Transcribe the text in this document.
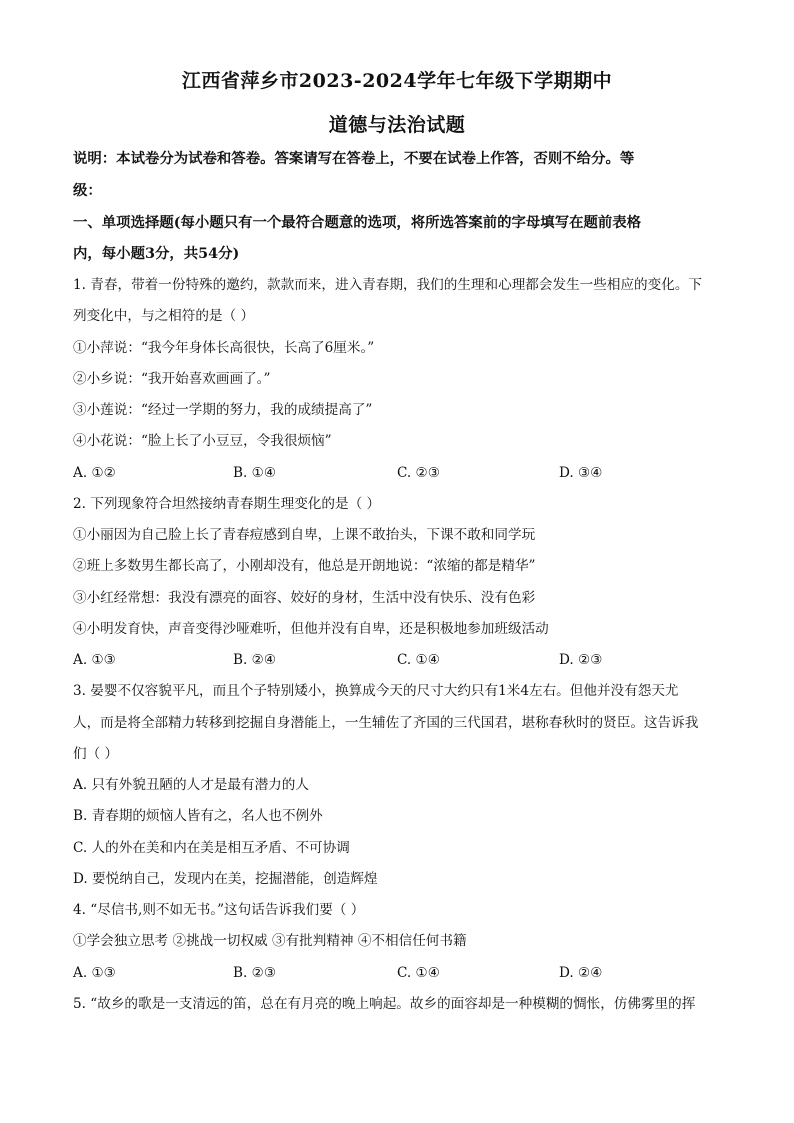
江西省萍乡市2023-2024学年七年级下学期期中
道德与法治试题
说明：本试卷分为试卷和答卷。答案请写在答卷上，不要在试卷上作答，否则不给分。等
级：
一、单项选择题(每小题只有一个最符合题意的选项，将所选答案前的字母填写在题前表格
内，每小题3分，共54分)
1. 青春，带着一份特殊的邀约，款款而来，进入青春期，我们的生理和心理都会发生一些相应的变化。下
列变化中，与之相符的是（ ）
①小萍说：“我今年身体长高很快，长高了6厘米。”
②小乡说：“我开始喜欢画画了。”
③小莲说：“经过一学期的努力，我的成绩提高了”
④小花说：“脸上长了小豆豆，令我很烦恼”
A. ①②	B. ①④	C. ②③	D. ③④
2. 下列现象符合坦然接纳青春期生理变化的是（ ）
①小丽因为自己脸上长了青春痘感到自卑，上课不敢抬头，下课不敢和同学玩
②班上多数男生都长高了，小刚却没有，他总是开朗地说：“浓缩的都是精华”
③小红经常想：我没有漂亮的面容、姣好的身材，生活中没有快乐、没有色彩
④小明发育快，声音变得沙哑难听，但他并没有自卑，还是积极地参加班级活动
A. ①③	B. ②④	C. ①④	D. ②③
3. 晏婴不仅容貌平凡，而且个子特别矮小，换算成今天的尺寸大约只有1米4左右。但他并没有怨天尤
人，而是将全部精力转移到挖掘自身潜能上，一生辅佐了齐国的三代国君，堪称春秋时的贤臣。这告诉我
们（ ）
A. 只有外貌丑陋的人才是最有潜力的人
B. 青春期的烦恼人皆有之，名人也不例外
C. 人的外在美和内在美是相互矛盾、不可协调
D. 要悦纳自己，发现内在美，挖掘潜能，创造辉煌
4. “尽信书,则不如无书。”这句话告诉我们要（ ）
①学会独立思考 ②挑战一切权威 ③有批判精神 ④不相信任何书籍
A. ①③	B. ②③	C. ①④	D. ②④
5. “故乡的歌是一支清远的笛，总在有月亮的晚上响起。故乡的面容却是一种模糊的惆怅，仿佛雾里的挥
